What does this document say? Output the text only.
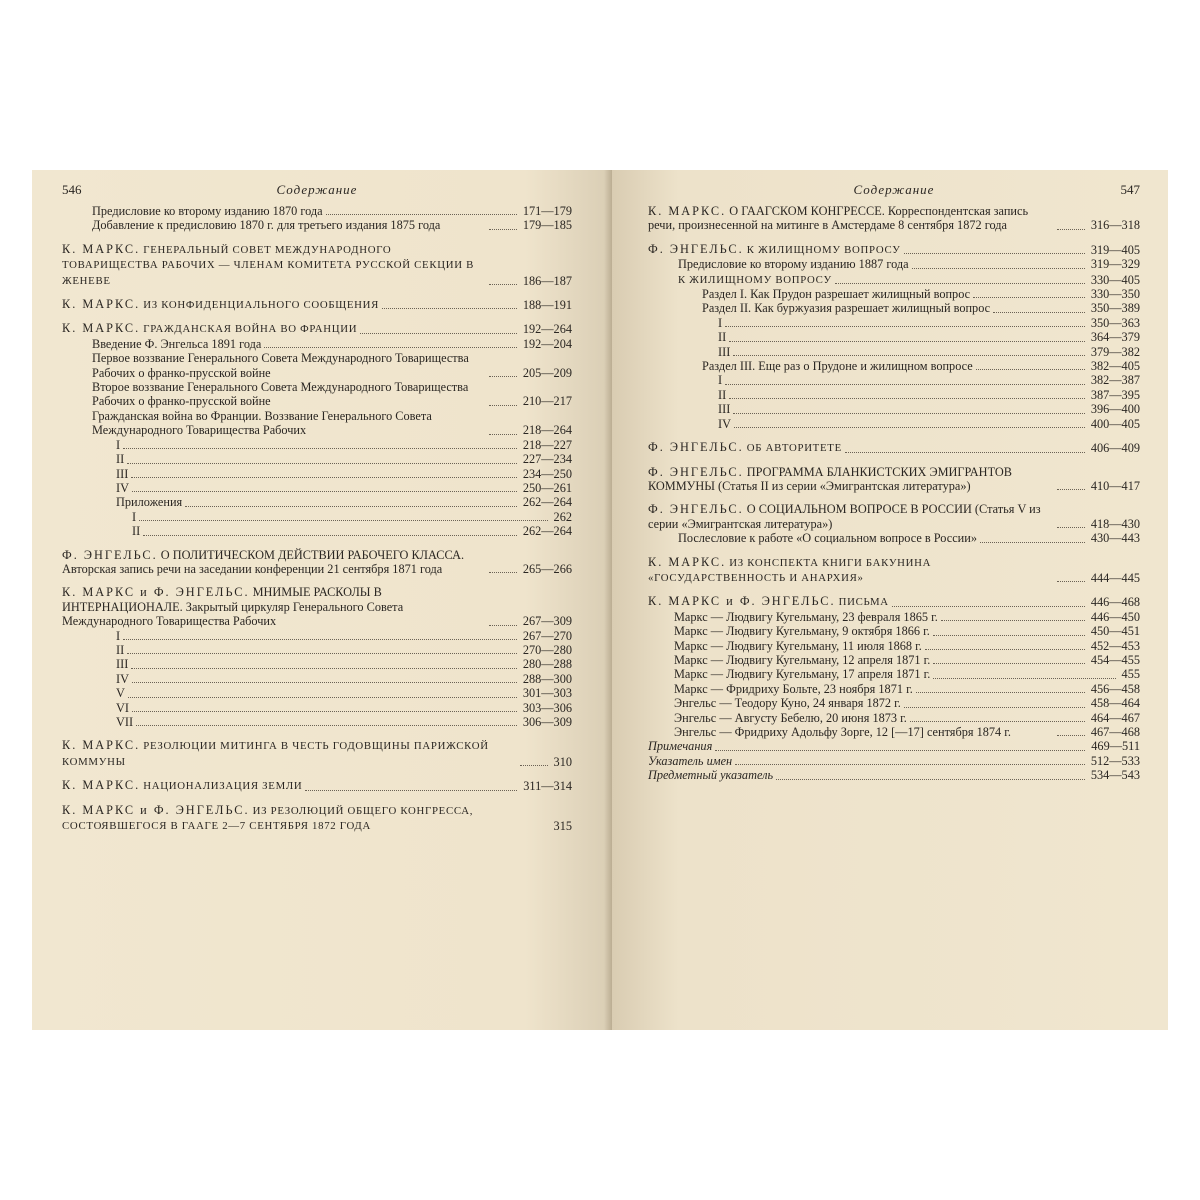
546	Содержание
Предисловие ко второму изданию 1870 года	171—179
Добавление к предисловию 1870 г. для третьего издания 1875 года	179—185
К. МАРКС. ГЕНЕРАЛЬНЫЙ СОВЕТ МЕЖДУНАРОДНОГО ТОВАРИЩЕСТВА РАБОЧИХ — ЧЛЕНАМ КОМИТЕТА РУССКОЙ СЕКЦИИ В ЖЕНЕВЕ	186—187
К. МАРКС. ИЗ КОНФИДЕНЦИАЛЬНОГО СООБЩЕНИЯ	188—191
К. МАРКС. ГРАЖДАНСКАЯ ВОЙНА ВО ФРАНЦИИ	192—264
Введение Ф. Энгельса 1891 года	192—204
Первое воззвание Генерального Совета Международного Товарищества Рабочих о франко-прусской войне	205—209
Второе воззвание Генерального Совета Международного Товарищества Рабочих о франко-прусской войне	210—217
Гражданская война во Франции. Воззвание Генерального Совета Международного Товарищества Рабочих	218—264
I	218—227
II	227—234
III	234—250
IV	250—261
Приложения	262—264
I	262
II	262—264
Ф. ЭНГЕЛЬС. О ПОЛИТИЧЕСКОМ ДЕЙСТВИИ РАБОЧЕГО КЛАССА. Авторская запись речи на заседании конференции 21 сентября 1871 года	265—266
К. МАРКС и Ф. ЭНГЕЛЬС. МНИМЫЕ РАСКОЛЫ В ИНТЕРНАЦИОНАЛЕ. Закрытый циркуляр Генерального Совета Международного Товарищества Рабочих	267—309
I	267—270
II	270—280
III	280—288
IV	288—300
V	301—303
VI	303—306
VII	306—309
К. МАРКС. РЕЗОЛЮЦИИ МИТИНГА В ЧЕСТЬ ГОДОВЩИНЫ ПАРИЖСКОЙ КОММУНЫ	310
К. МАРКС. НАЦИОНАЛИЗАЦИЯ ЗЕМЛИ	311—314
К. МАРКС и Ф. ЭНГЕЛЬС. ИЗ РЕЗОЛЮЦИЙ ОБЩЕГО КОНГРЕССА, СОСТОЯВШЕГОСЯ В ГААГЕ 2—7 СЕНТЯБРЯ 1872 ГОДА	315
Содержание	547
К. МАРКС. О ГААГСКОМ КОНГРЕССЕ. Корреспондентская запись речи, произнесенной на митинге в Амстердаме 8 сентября 1872 года	316—318
Ф. ЭНГЕЛЬС. К ЖИЛИЩНОМУ ВОПРОСУ	319—405
Предисловие ко второму изданию 1887 года	319—329
К ЖИЛИЩНОМУ ВОПРОСУ	330—405
Раздел I. Как Прудон разрешает жилищный вопрос	330—350
Раздел II. Как буржуазия разрешает жилищный вопрос	350—389
I	350—363
II	364—379
III	379—382
Раздел III. Еще раз о Прудоне и жилищном вопросе	382—405
I	382—387
II	387—395
III	396—400
IV	400—405
Ф. ЭНГЕЛЬС. ОБ АВТОРИТЕТЕ	406—409
Ф. ЭНГЕЛЬС. ПРОГРАММА БЛАНКИСТСКИХ ЭМИГРАНТОВ КОММУНЫ (Статья II из серии «Эмигрантская литература»)	410—417
Ф. ЭНГЕЛЬС. О СОЦИАЛЬНОМ ВОПРОСЕ В РОССИИ (Статья V из серии «Эмигрантская литература»)	418—430
Послесловие к работе «О социальном вопросе в России»	430—443
К. МАРКС. ИЗ КОНСПЕКТА КНИГИ БАКУНИНА «ГОСУДАРСТВЕННОСТЬ И АНАРХИЯ»	444—445
К. МАРКС и Ф. ЭНГЕЛЬС. ПИСЬМА	446—468
Маркс — Людвигу Кугельману, 23 февраля 1865 г.	446—450
Маркс — Людвигу Кугельману, 9 октября 1866 г.	450—451
Маркс — Людвигу Кугельману, 11 июля 1868 г.	452—453
Маркс — Людвигу Кугельману, 12 апреля 1871 г.	454—455
Маркс — Людвигу Кугельману, 17 апреля 1871 г.	455
Маркс — Фридриху Больте, 23 ноября 1871 г.	456—458
Энгельс — Теодору Куно, 24 января 1872 г.	458—464
Энгельс — Августу Бебелю, 20 июня 1873 г.	464—467
Энгельс — Фридриху Адольфу Зорге, 12 [—17] сентября 1874 г.	467—468
Примечания	469—511
Указатель имен	512—533
Предметный указатель	534—543
